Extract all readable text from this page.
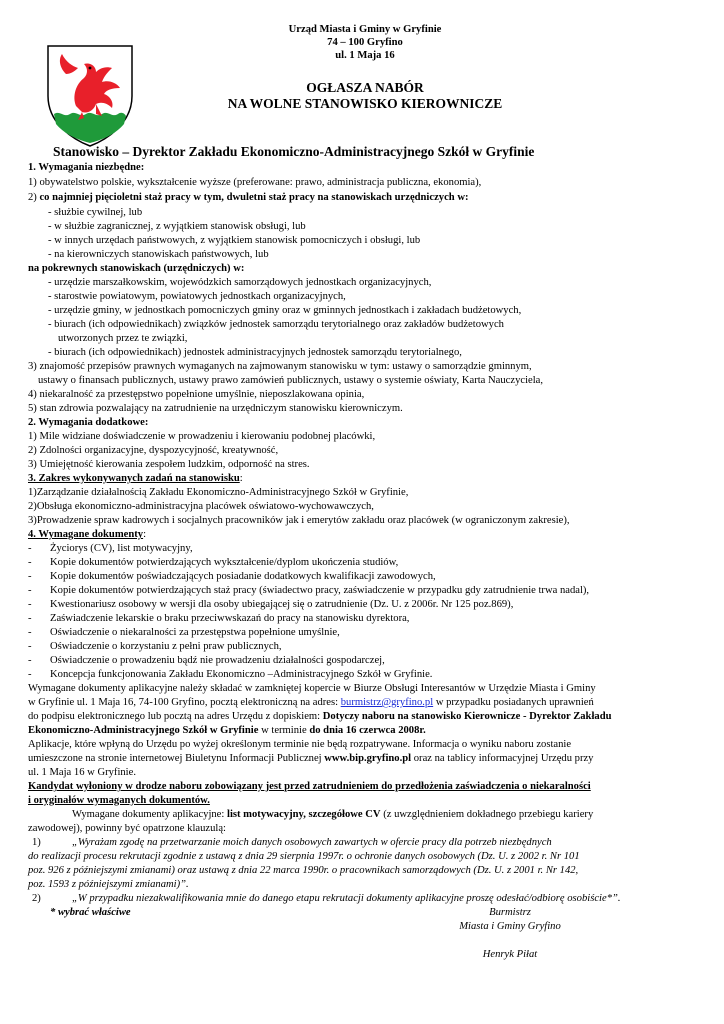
Urząd Miasta i Gminy w Gryfinie
74 – 100 Gryfino
ul. 1 Maja 16
OGŁASZA NABÓR
NA WOLNE STANOWISKO KIEROWNICZE
Stanowisko – Dyrektor Zakładu Ekonomiczno-Administracyjnego Szkół w Gryfinie
1. Wymagania niezbędne:
1) obywatelstwo polskie, wykształcenie wyższe (preferowane: prawo, administracja publiczna, ekonomia),
2) co najmniej pięcioletni staż pracy w tym, dwuletni staż pracy na stanowiskach urzędniczych w:
- służbie cywilnej, lub
- w służbie zagranicznej, z wyjątkiem stanowisk obsługi, lub
- w innych urzędach państwowych, z wyjątkiem stanowisk pomocniczych i obsługi, lub
- na kierowniczych stanowiskach państwowych, lub
na pokrewnych stanowiskach (urzędniczych) w:
- urzędzie marszałkowskim, wojewódzkich samorządowych jednostkach organizacyjnych,
- starostwie powiatowym, powiatowych jednostkach organizacyjnych,
- urzędzie gminy, w jednostkach pomocniczych gminy oraz w gminnych jednostkach i zakładach budżetowych,
- biurach (ich odpowiednikach) związków jednostek samorządu terytorialnego oraz zakładów budżetowych
utworzonych przez te związki,
- biurach (ich odpowiednikach) jednostek administracyjnych jednostek samorządu terytorialnego,
3) znajomość przepisów prawnych wymaganych na zajmowanym stanowisku w tym: ustawy o samorządzie gminnym,
ustawy o finansach publicznych, ustawy prawo zamówień publicznych, ustawy o systemie oświaty, Karta Nauczyciela,
4) niekaralność za przestępstwo popełnione umyślnie, nieposzlakowana opinia,
5) stan zdrowia pozwalający na zatrudnienie na urzędniczym stanowisku kierowniczym.
2. Wymagania dodatkowe:
1) Mile widziane doświadczenie w prowadzeniu i kierowaniu podobnej placówki,
2) Zdolności organizacyjne, dyspozycyjność, kreatywność,
3) Umiejętność kierowania zespołem ludzkim, odporność na stres.
3. Zakres wykonywanych zadań na stanowisku:
1)Zarządzanie działalnością Zakładu Ekonomiczno-Administracyjnego Szkół w Gryfinie,
2)Obsługa ekonomiczno-administracyjna placówek oświatowo-wychowawczych,
3)Prowadzenie spraw kadrowych i socjalnych pracowników jak i emerytów zakładu oraz placówek (w ograniczonym zakresie),
4. Wymagane dokumenty:
- Życiorys (CV), list motywacyjny,
- Kopie dokumentów potwierdzających wykształcenie/dyplom ukończenia studiów,
- Kopie dokumentów poświadczających posiadanie dodatkowych kwalifikacji zawodowych,
- Kopie dokumentów potwierdzających staż pracy (świadectwo pracy, zaświadczenie w przypadku gdy zatrudnienie trwa nadal),
- Kwestionariusz osobowy w wersji dla osoby ubiegającej się o zatrudnienie (Dz. U. z 2006r. Nr 125 poz.869),
- Zaświadczenie lekarskie o braku przeciwwskazań do pracy na stanowisku dyrektora,
- Oświadczenie o niekaralności za przestępstwa popełnione umyślnie,
- Oświadczenie o korzystaniu z pełni praw publicznych,
- Oświadczenie o prowadzeniu bądź nie prowadzeniu działalności gospodarczej,
- Koncepcja funkcjonowania Zakładu Ekonomiczno –Administracyjnego Szkół w Gryfinie.
Wymagane dokumenty aplikacyjne należy składać w zamkniętej kopercie w Biurze Obsługi Interesantów w Urzędzie Miasta i Gminy
w Gryfinie ul. 1 Maja 16, 74-100 Gryfino, pocztą elektroniczną na adres: burmistrz@gryfino.pl w przypadku posiadanych uprawnień
do podpisu elektronicznego lub pocztą na adres Urzędu z dopiskiem: Dotyczy naboru na stanowisko Kierownicze - Dyrektor Zakładu
Ekonomiczno-Administracyjnego Szkół w Gryfinie w terminie do dnia 16 czerwca 2008r.
Aplikacje, które wpłyną do Urzędu po wyżej określonym terminie nie będą rozpatrywane. Informacja o wyniku naboru zostanie
umieszczone na stronie internetowej Biuletynu Informacji Publicznej www.bip.gryfino.pl oraz na tablicy informacyjnej Urzędu przy
ul. 1 Maja 16 w Gryfinie.
Kandydat wyłoniony w drodze naboru zobowiązany jest przed zatrudnieniem do przedłożenia zaświadczenia o niekaralności
i oryginałów wymaganych dokumentów.
Wymagane dokumenty aplikacyjne: list motywacyjny, szczegółowe CV (z uwzględnieniem dokładnego przebiegu kariery
zawodowej), powinny być opatrzone klauzulą:
1)	„Wyrażam zgodę na przetwarzanie moich danych osobowych zawartych w ofercie pracy dla potrzeb niezbędnych
do realizacji procesu rekrutacji zgodnie z ustawą z dnia 29 sierpnia 1997r. o ochronie danych osobowych (Dz. U. z 2002 r. Nr 101
poz. 926 z późniejszymi zmianami) oraz ustawą z dnia 22 marca 1990r. o pracownikach samorządowych (Dz. U. z 2001 r. Nr 142,
poz. 1593 z późniejszymi zmianami)”.
2)	„W przypadku niezakwalifikowania mnie do danego etapu rekrutacji dokumenty aplikacyjne proszę odesłać/odbiorę osobiście*”.
* wybrać właściwe	Burmistrz
Miasta i Gminy Gryfino
Henryk Piłat
